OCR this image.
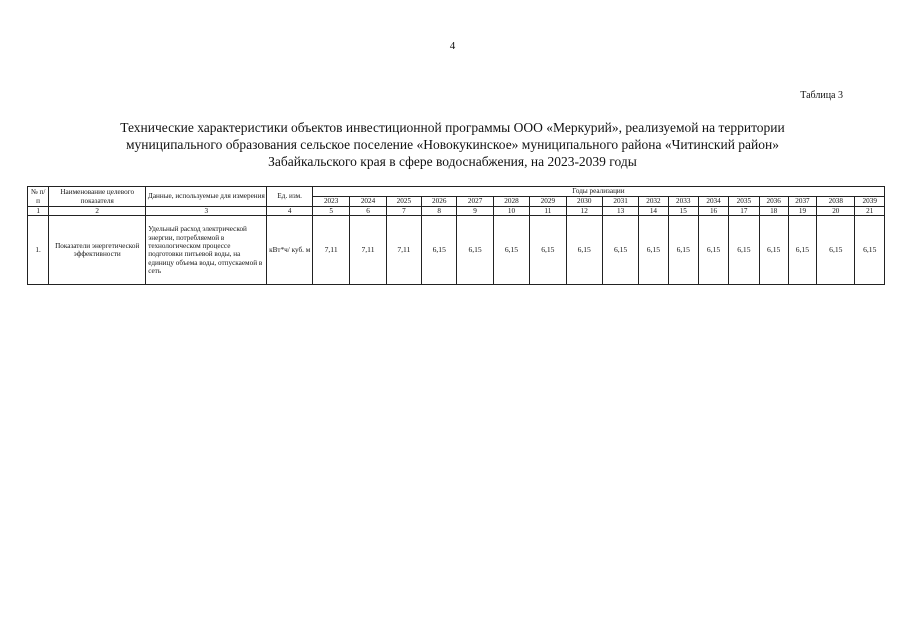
4
Таблица 3
Технические характеристики объектов инвестиционной программы ООО «Меркурий», реализуемой на территории
муниципального образования сельское поселение «Новокукинское» муниципального района «Читинский район»
Забайкальского края в сфере водоснабжения, на 2023-2039 годы
№ п/п	Наименование целевого показателя	Данные, используемые для измерения	Ед. изм.	Годы реализации																
				2023	2024	2025	2026	2027	2028	2029	2030	2031	2032	2033	2034	2035	2036	2037	2038	2039
1	2	3	4	5	6	7	8	9	10	11	12	13	14	15	16	17	18	19	20	21
1.	Показатели энергетической эффективности	Удельный расход электрической энергии, потребляемой в технологическом процессе подготовки питьевой воды, на единицу объема воды, отпускаемой в сеть	кВт*ч/ куб. м	7,11	7,11	7,11	6,15	6,15	6,15	6,15	6,15	6,15	6,15	6,15	6,15	6,15	6,15	6,15	6,15	6,15
